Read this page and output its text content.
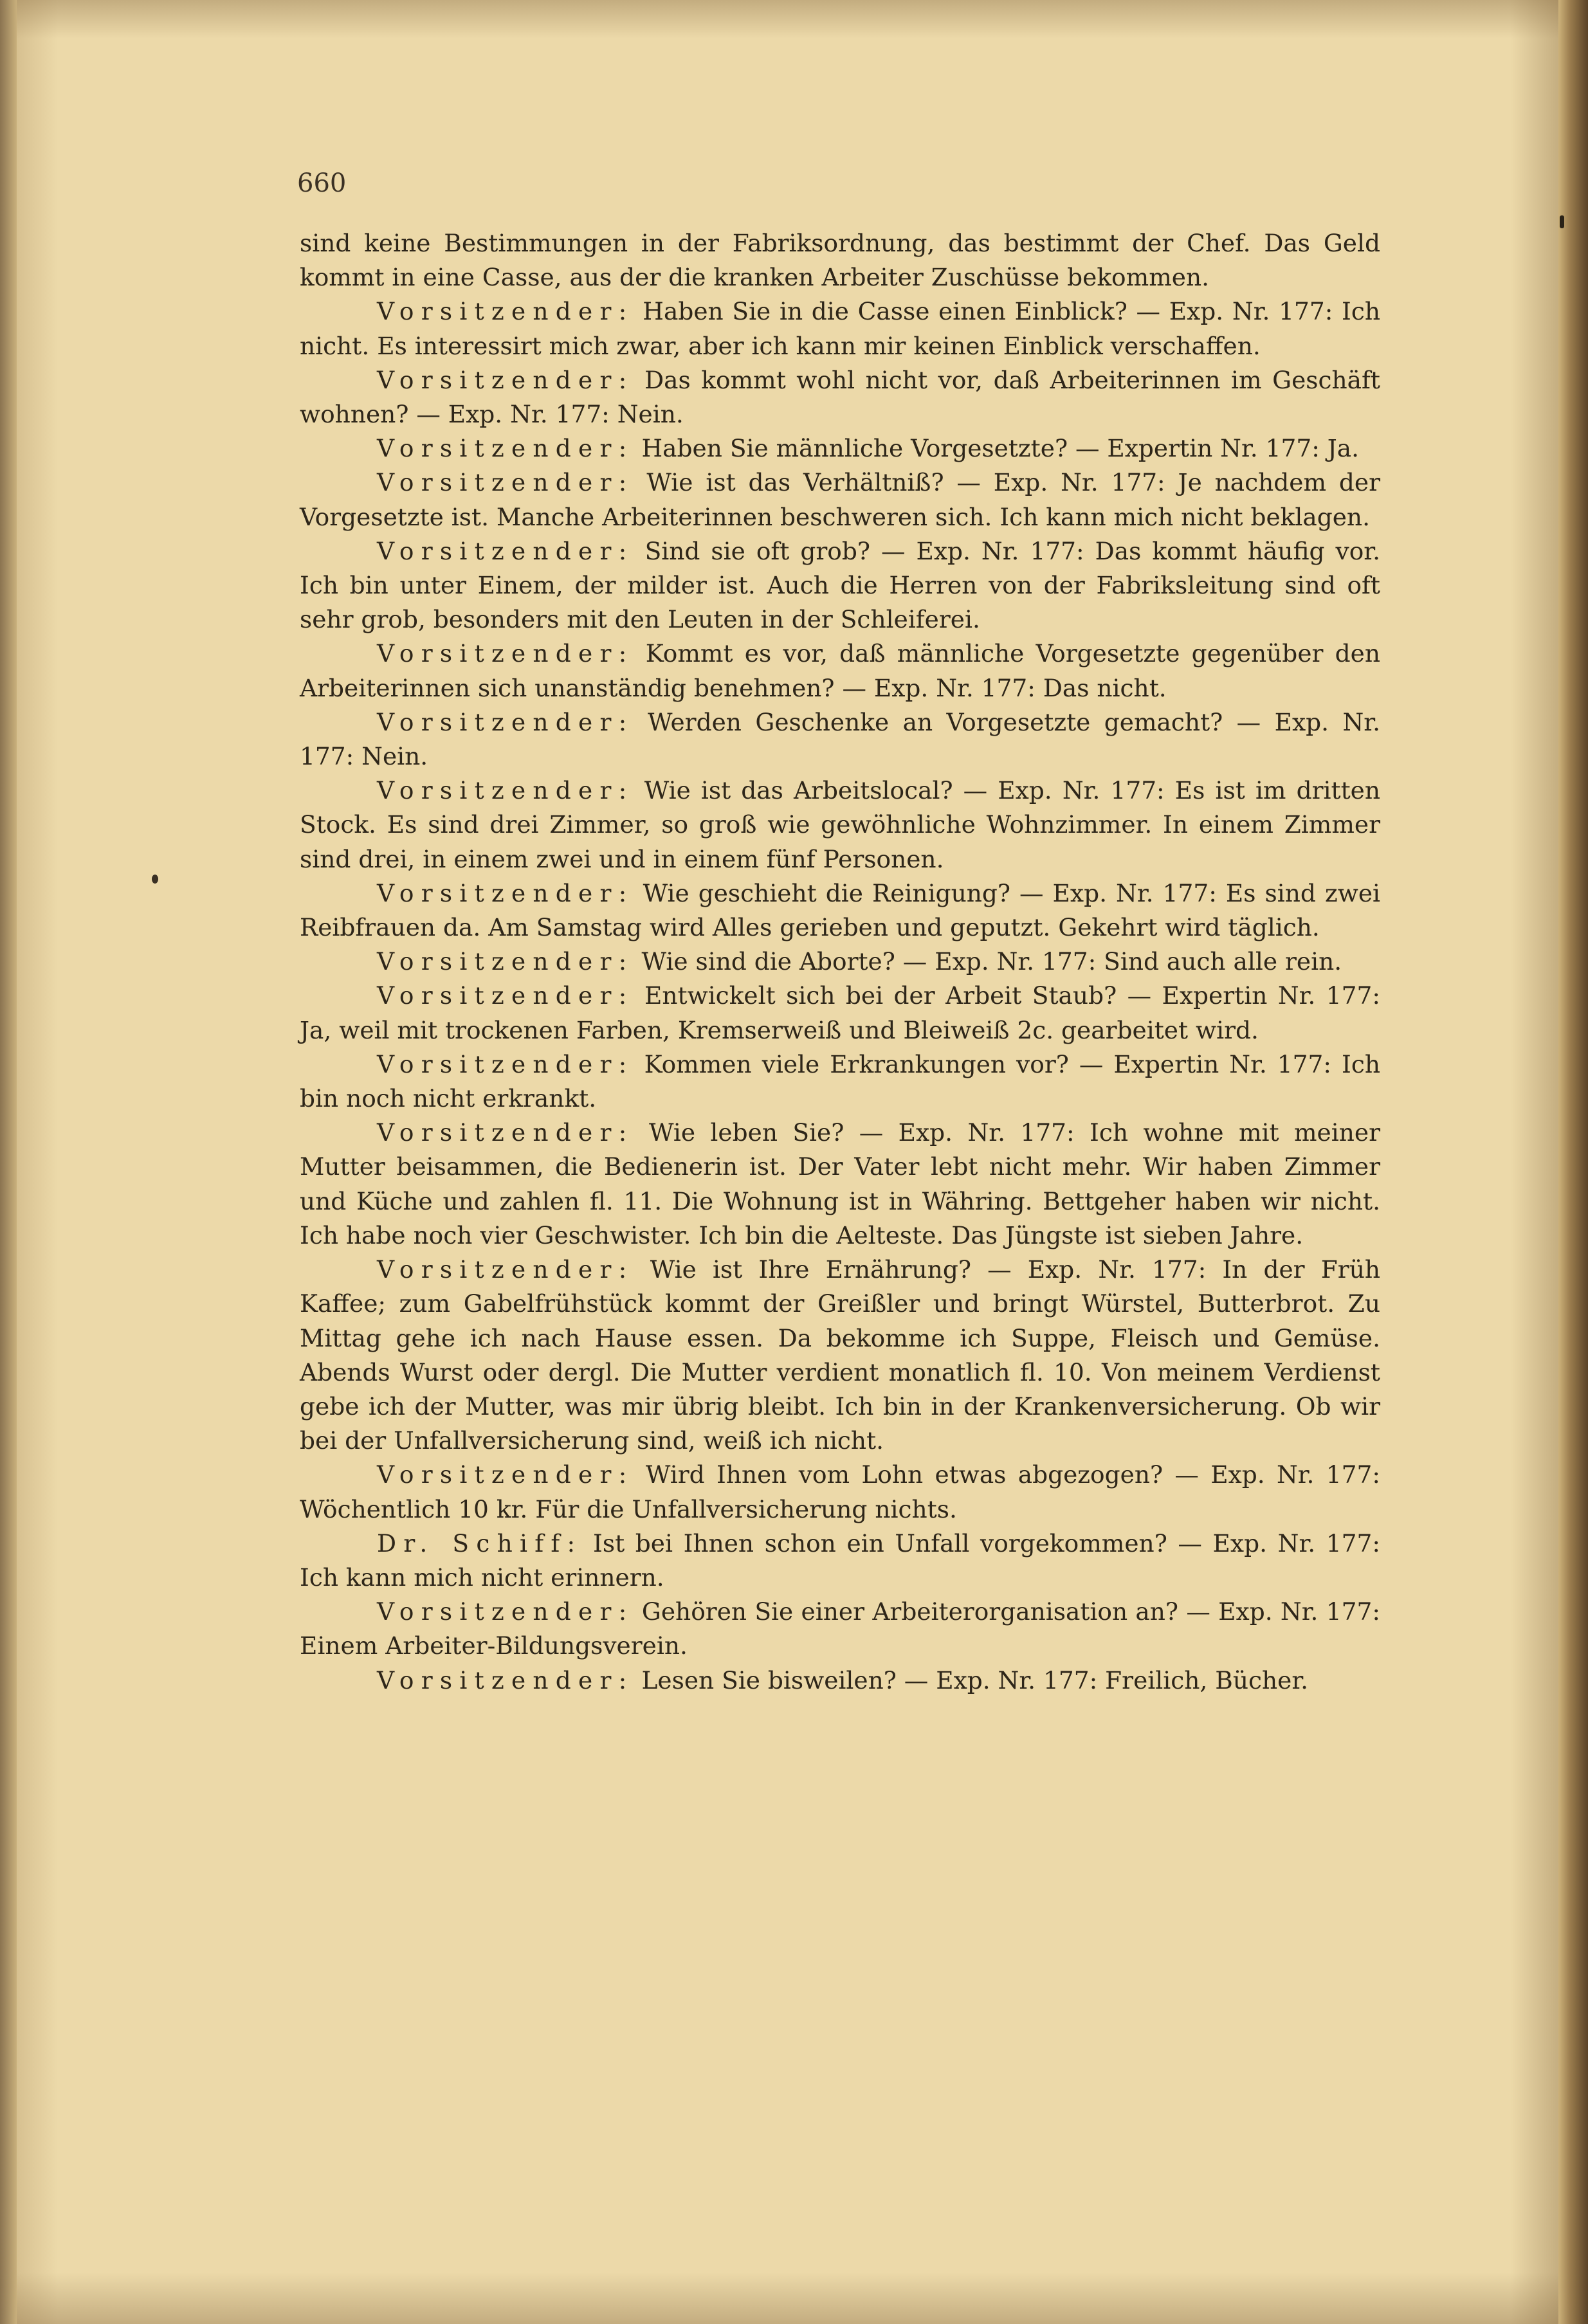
660

sind keine Bestimmungen in der Fabriksordnung, das bestimmt der Chef. Das Geld kommt in eine Casse, aus der die kranken Arbeiter Zuschüsse bekommen.

Vorsitzender: Haben Sie in die Casse einen Einblick? — Exp. Nr. 177: Ich nicht. Es interessirt mich zwar, aber ich kann mir keinen Einblick verschaffen.

Vorsitzender: Das kommt wohl nicht vor, daß Arbeiterinnen im Geschäft wohnen? — Exp. Nr. 177: Nein.

Vorsitzender: Haben Sie männliche Vorgesetzte? — Expertin Nr. 177: Ja.

Vorsitzender: Wie ist das Verhältniß? — Exp. Nr. 177: Je nachdem der Vorgesetzte ist. Manche Arbeiterinnen beschweren sich. Ich kann mich nicht beklagen.

Vorsitzender: Sind sie oft grob? — Exp. Nr. 177: Das kommt häufig vor. Ich bin unter Einem, der milder ist. Auch die Herren von der Fabriksleitung sind oft sehr grob, besonders mit den Leuten in der Schleiferei.

Vorsitzender: Kommt es vor, daß männliche Vorgesetzte gegenüber den Arbeiterinnen sich unanständig benehmen? — Exp. Nr. 177: Das nicht.

Vorsitzender: Werden Geschenke an Vorgesetzte gemacht? — Exp. Nr. 177: Nein.

Vorsitzender: Wie ist das Arbeitslocal? — Exp. Nr. 177: Es ist im dritten Stock. Es sind drei Zimmer, so groß wie gewöhnliche Wohnzimmer. In einem Zimmer sind drei, in einem zwei und in einem fünf Personen.

Vorsitzender: Wie geschieht die Reinigung? — Exp. Nr. 177: Es sind zwei Reibfrauen da. Am Samstag wird Alles gerieben und geputzt. Gekehrt wird täglich.

Vorsitzender: Wie sind die Aborte? — Exp. Nr. 177: Sind auch alle rein.

Vorsitzender: Entwickelt sich bei der Arbeit Staub? — Expertin Nr. 177: Ja, weil mit trockenen Farben, Kremserweiß und Bleiweiß 2c. gearbeitet wird.

Vorsitzender: Kommen viele Erkrankungen vor? — Expertin Nr. 177: Ich bin noch nicht erkrankt.

Vorsitzender: Wie leben Sie? — Exp. Nr. 177: Ich wohne mit meiner Mutter beisammen, die Bedienerin ist. Der Vater lebt nicht mehr. Wir haben Zimmer und Küche und zahlen fl. 11. Die Wohnung ist in Währing. Bettgeher haben wir nicht. Ich habe noch vier Geschwister. Ich bin die Aelteste. Das Jüngste ist sieben Jahre.

Vorsitzender: Wie ist Ihre Ernährung? — Exp. Nr. 177: In der Früh Kaffee; zum Gabelfrühstück kommt der Greißler und bringt Würstel, Butterbrot. Zu Mittag gehe ich nach Hause essen. Da bekomme ich Suppe, Fleisch und Gemüse. Abends Wurst oder dergl. Die Mutter verdient monatlich fl. 10. Von meinem Verdienst gebe ich der Mutter, was mir übrig bleibt. Ich bin in der Krankenversicherung. Ob wir bei der Unfallversicherung sind, weiß ich nicht.

Vorsitzender: Wird Ihnen vom Lohn etwas abgezogen? — Exp. Nr. 177: Wöchentlich 10 kr. Für die Unfallversicherung nichts.

Dr. Schiff: Ist bei Ihnen schon ein Unfall vorgekommen? — Exp. Nr. 177: Ich kann mich nicht erinnern.

Vorsitzender: Gehören Sie einer Arbeiterorganisation an? — Exp. Nr. 177: Einem Arbeiter-Bildungsverein.

Vorsitzender: Lesen Sie bisweilen? — Exp. Nr. 177: Freilich, Bücher.
